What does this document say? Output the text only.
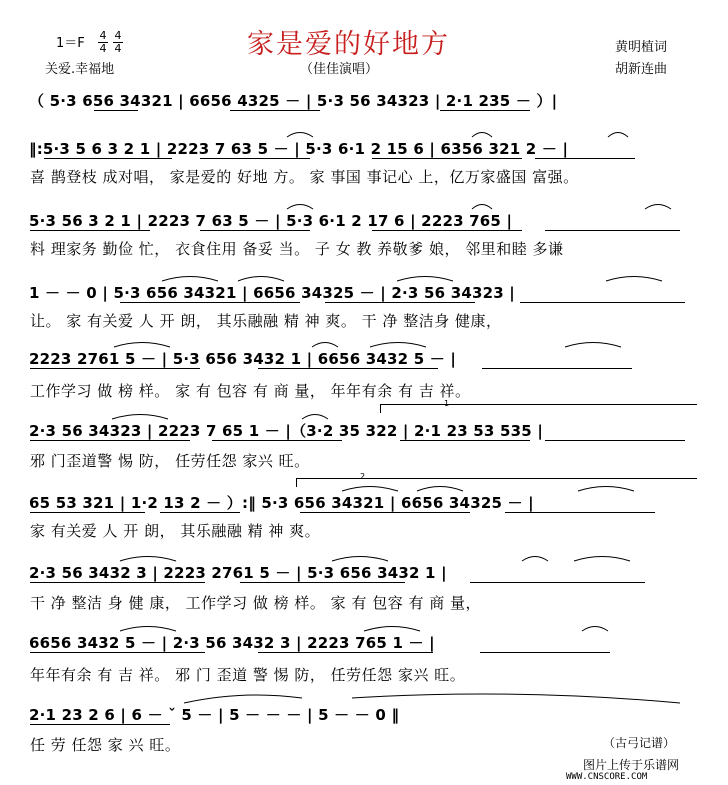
$1=F \frac{4}{4} \frac{4}{4}$
关爱.幸福地
家是爱的好地方
（佳佳演唱）
黄明植词
胡新连曲
（ 5·3 656 34321 | 6656 4325 － | 5·3 56 34323 | 2·1 235 － ）|
‖:5·3 5 6 3 2 1 | 2223 7 63 5 － | 5·3 6·1 2 15 6 | 6356 321 2 － |
喜 鹊登枝 成对唱， 家是爱的 好地 方。 家 事国 事记心 上，亿万家盛国 富强。
5·3 56 3 2 1 | 2223 7 63 5 － | 5·3 6·1 2 17 6 | 2223 765 |
料 理家务 勤俭 忙， 衣食住用 备妥 当。 子 女 教 养敬爹 娘， 邻里和睦 多谦
1 － － 0 | 5·3 656 34321 | 6656 34325 － | 2·3 56 34323 |
让。 家 有关爱 人 开 朗， 其乐融融 精 神 爽。 干 净 整洁身 健康，
2223 2761 5 － | 5·3 656 3432 1 | 6656 3432 5 － |
工作学习 做 榜 样。 家 有 包容 有 商 量， 年年有余 有 吉 祥。
1
2·3 56 34323 | 2223 7 65 1 － |（3·2 35 322 | 2·1 23 53 535 |
邪 门歪道警 惕 防， 任劳任怨 家兴 旺。
2
65 53 321 | 1·2 13 2 － ）:‖ 5·3 656 34321 | 6656 34325 － |
家 有关爱 人 开 朗， 其乐融融 精 神 爽。
2·3 56 3432 3 | 2223 2761 5 － | 5·3 656 3432 1 |
干 净 整洁 身 健 康， 工作学习 做 榜 样。 家 有 包容 有 商 量，
6656 3432 5 － | 2·3 56 3432 3 | 2223 765 1 － |
年年有余 有 吉 祥。 邪 门 歪道 警 惕 防， 任劳任怨 家兴 旺。
2·1 23 2 6 | 6 － ˇ 5 － | 5 － － － | 5 － － 0 ‖
任 劳 任怨 家 兴 旺。	（古弓记谱）
图片上传于乐谱网
WWW.CNSCORE.COM
